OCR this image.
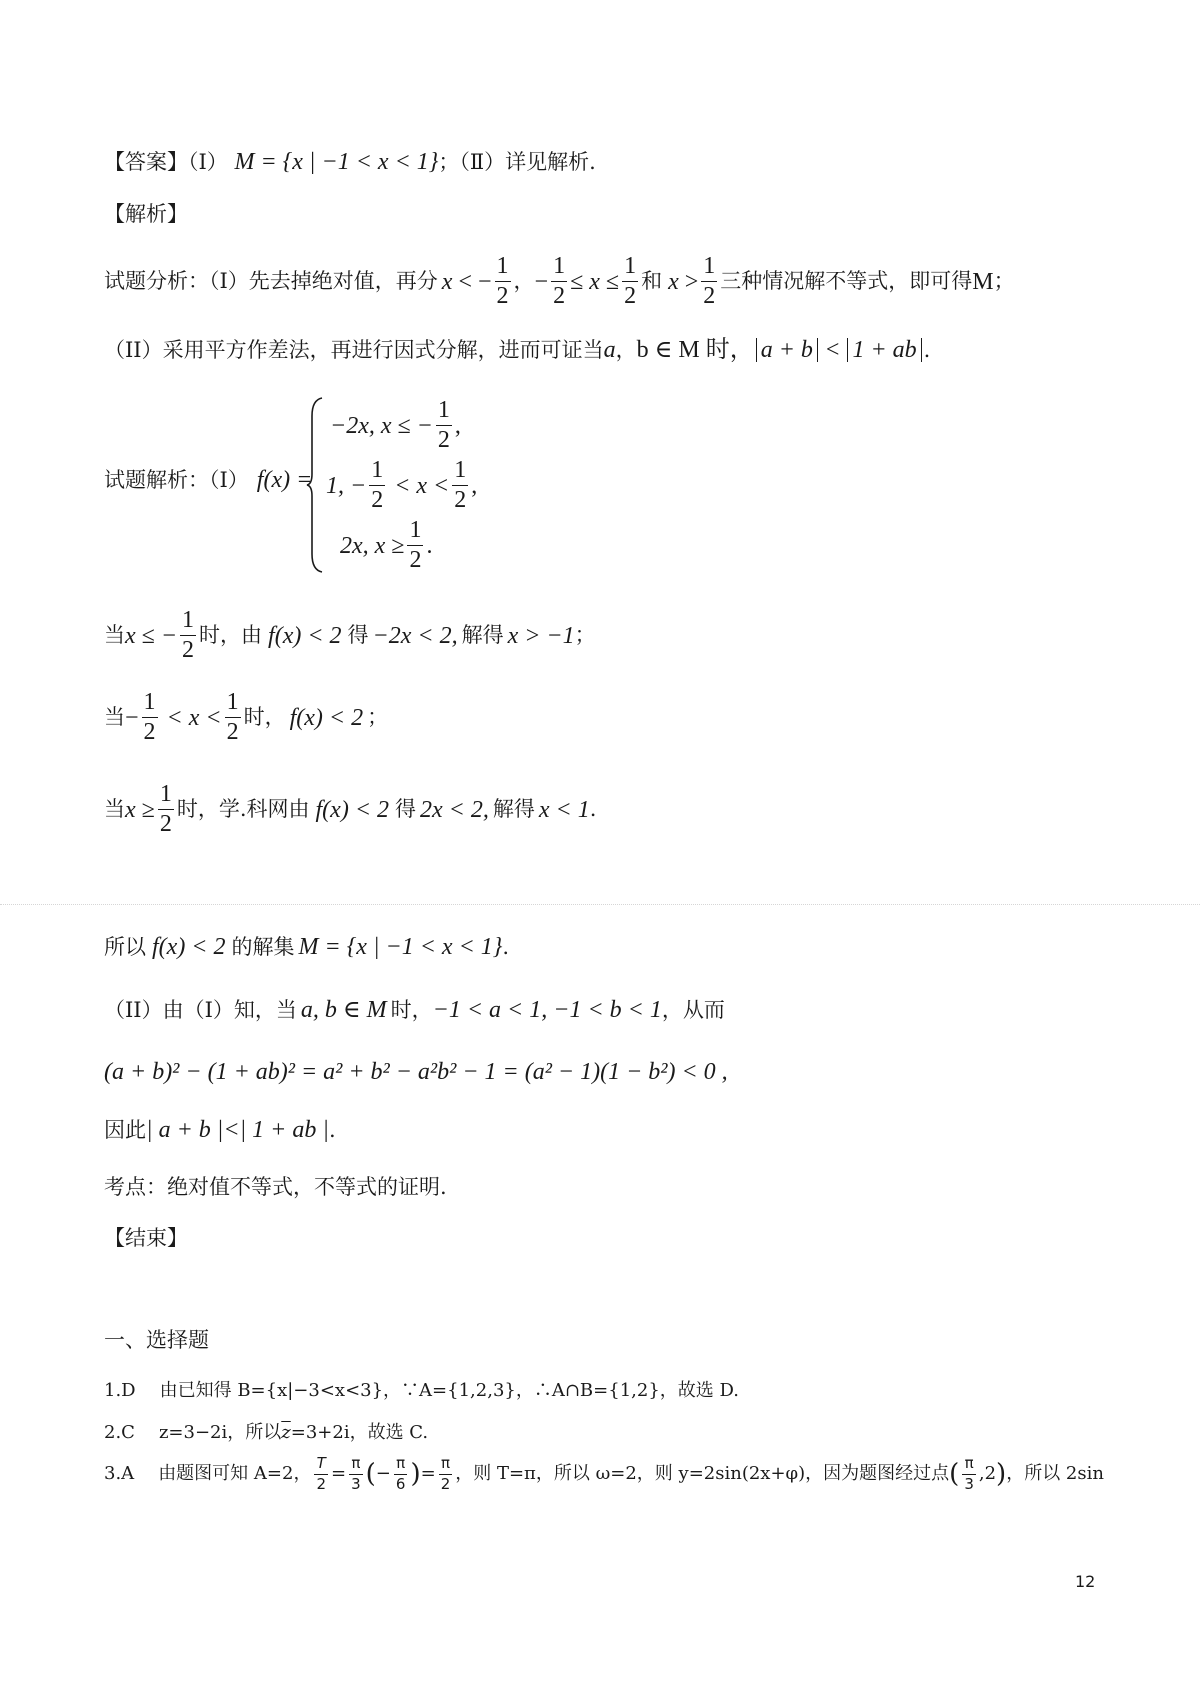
【答案】（Ⅰ） M = {x | −1 < x < 1}；（Ⅱ）详见解析.
【解析】
试题分析：（I）先去掉绝对值，再分 x < − $\frac{1}{2}$ ， − $\frac{1}{2} \le x \le \frac{1}{2}$ 和 $x > \frac{1}{2}$ 三种情况解不等式，即可得 M ；
（II）采用平方作差法，再进行因式分解，进而可证当 a ， b ∈ M 时， a + b < 1 + ab .
试题解析：（I） f(x) =
−2x, x ≤ − $\frac{1}{2}$ ,
1, − $\frac{1}{2} < x < \frac{1}{2}$ ,
2x, $x \ge \frac{1}{2}$ .
当 x ≤ − $\frac{1}{2}$ 时，由 f(x) < 2 得 −2x < 2, 解得 x > −1 ；
当 − $\frac{1}{2} < x < \frac{1}{2}$ 时， f(x) < 2 ；
当 $x \ge \frac{1}{2}$ 时，学.科网由 f(x) < 2 得 2x < 2, 解得 x < 1 .
所以 f(x) < 2 的解集 M = {x | −1 < x < 1}.
（II）由（I）知，当 a, b ∈ M 时，−1 < a < 1, −1 < b < 1，从而
(a + b)² − (1 + ab)² = a² + b² − a²b² − 1 = (a² − 1)(1 − b²) < 0 ,
因此| a + b |<| 1 + ab |.
考点：绝对值不等式，不等式的证明.
【结束】
一、选择题
1.D 由已知得 B={x|−3<x<3}，∵A={1,2,3}，∴A∩B={1,2}，故选 D.
2.C z=3−2i，所以$\overline{z}=3+2i$，故选 C.
3.A 由题图可知 A=2， $\frac{T}{2} = \frac{\pi}{3}$ ( − $\frac{\pi}{6}$ ) = $\frac{\pi}{2}$ ，则 T=π，所以 ω=2，则 y=2sin(2x+φ)，因为题图经过点 ( $\frac{\pi}{3} ,2$ ) ，所以 2sin
12
